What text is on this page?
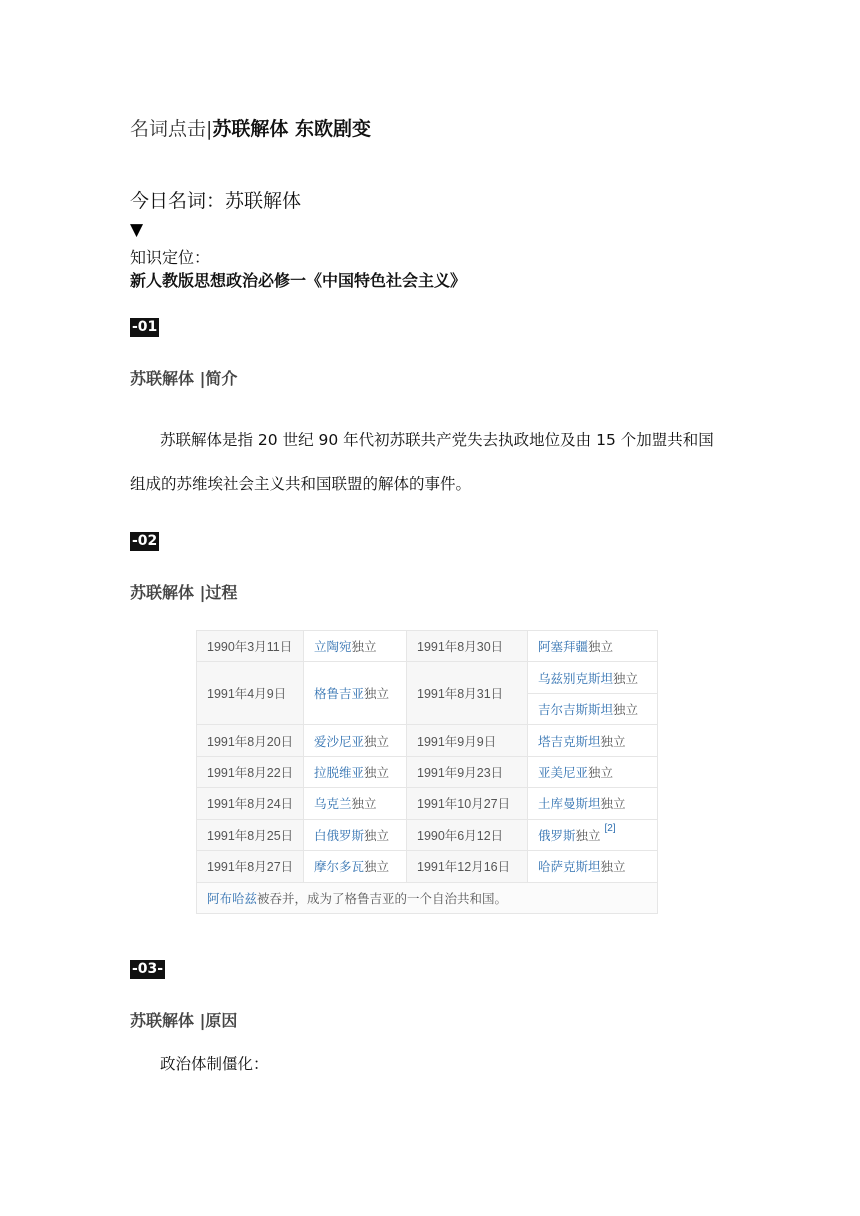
名词点击|苏联解体 东欧剧变
今日名词：苏联解体
▼
知识定位：
新人教版思想政治必修一《中国特色社会主义》
-01
苏联解体 |简介
苏联解体是指 20 世纪 90 年代初苏联共产党失去执政地位及由 15 个加盟共和国
组成的苏维埃社会主义共和国联盟的解体的事件。
-02
苏联解体 |过程
1990年3月11日	立陶宛独立	1991年8月30日	阿塞拜疆独立
1991年4月9日	格鲁吉亚独立	1991年8月31日	乌兹别克斯坦独立
			吉尔吉斯斯坦独立
1991年8月20日	爱沙尼亚独立	1991年9月9日	塔吉克斯坦独立
1991年8月22日	拉脱维亚独立	1991年9月23日	亚美尼亚独立
1991年8月24日	乌克兰独立	1991年10月27日	土库曼斯坦独立
1991年8月25日	白俄罗斯独立	1990年6月12日	俄罗斯独立[2]
1991年8月27日	摩尔多瓦独立	1991年12月16日	哈萨克斯坦独立
阿布哈兹被吞并，成为了格鲁吉亚的一个自治共和国。			
-03-
苏联解体 |原因
政治体制僵化：
